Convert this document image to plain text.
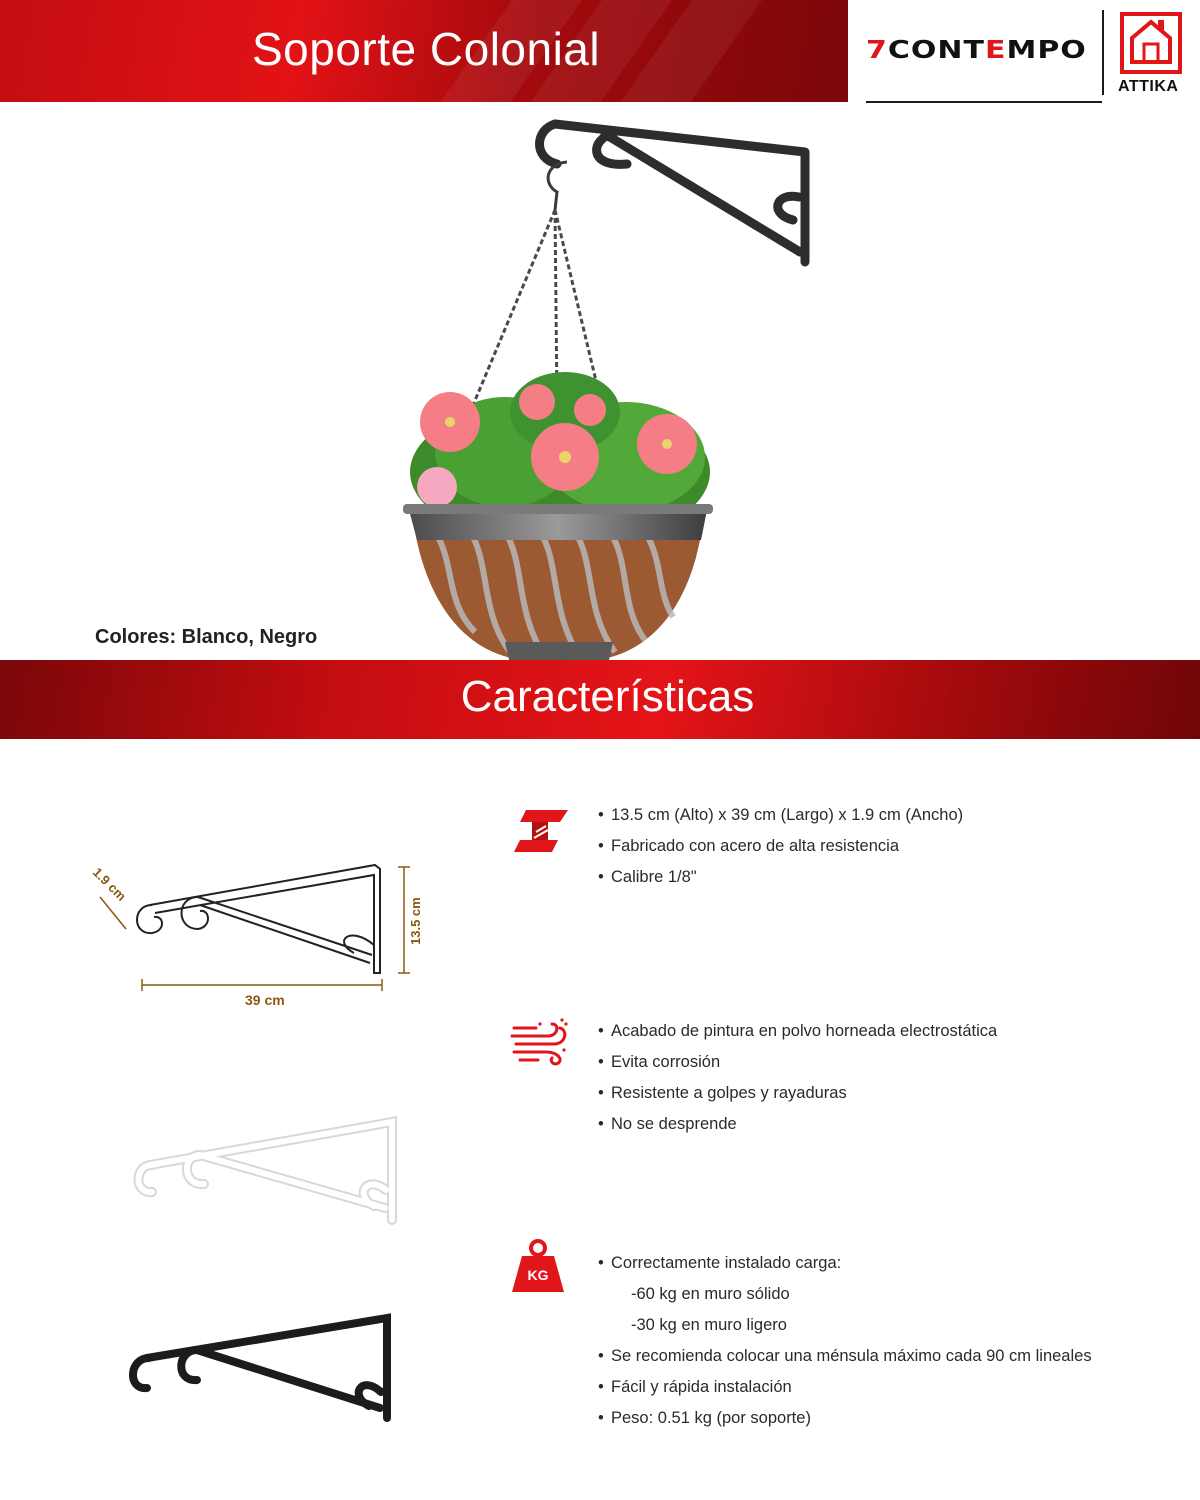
Soporte Colonial	7CONTEMPO
ATTIKA
Colores: Blanco, Negro
Características
1.9 cm
13.5 cm
39 cm
• 13.5 cm (Alto) x 39 cm (Largo) x 1.9 cm (Ancho)
• Fabricado con acero de alta resistencia
• Calibre 1/8"
• Acabado de pintura en polvo horneada electrostática
• Evita corrosión
• Resistente a golpes y rayaduras
• No se desprende
KG
• Correctamente instalado carga:
-60 kg en muro sólido
-30 kg en muro ligero
• Se recomienda colocar una ménsula máximo cada 90 cm lineales
• Fácil y rápida instalación
• Peso: 0.51 kg (por soporte)
